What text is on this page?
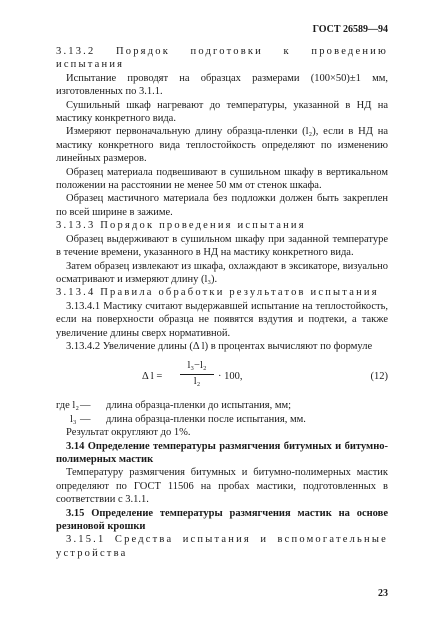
ГОСТ 26589—94
3.13.2 Порядок подготовки к проведению испытания
Испытание проводят на образцах размерами (100×50)±1 мм, изготовленных по 3.1.1.
Сушильный шкаф нагревают до температуры, указанной в НД на мастику конкретного вида.
Измеряют первоначальную длину образца-пленки (l₂), если в НД на мастику конкретного вида теплостойкость определяют по изменению линейных размеров.
Образец материала подвешивают в сушильном шкафу в вертикальном положении на расстоянии не менее 50 мм от стенок шкафа.
Образец мастичного материала без подложки должен быть закреплен по всей ширине в зажиме.
3.13.3 Порядок проведения испытания
Образец выдерживают в сушильном шкафу при заданной температуре в течение времени, указанного в НД на мастику конкретного вида.
Затем образец извлекают из шкафа, охлаждают в эксикаторе, визуально осматривают и измеряют длину (l₃).
3.13.4 Правила обработки результатов испытания
3.13.4.1 Мастику считают выдержавшей испытание на теплостойкость, если на поверхности образца не появятся вздутия и подтеки, а также увеличение длины сверх нормативной.
3.13.4.2 Увеличение длины (Δ l) в процентах вычисляют по формуле
Δ $l = \frac{\text{l₃−l₂}}{\text{l₂}} \cdot 100$,	(12)
где l₂ — длина образца-пленки до испытания, мм;
l₃ — длина образца-пленки после испытания, мм.
Результат округляют до 1%.
3.14 Определение температуры размягчения битумных и битумно-полимерных мастик
Температуру размягчения битумных и битумно-полимерных мастик определяют по ГОСТ 11506 на пробах мастики, подготовленных в соответствии с 3.1.1.
3.15 Определение температуры размягчения мастик на основе резиновой крошки
3.15.1 Средства испытания и вспомогательные устройства
23
